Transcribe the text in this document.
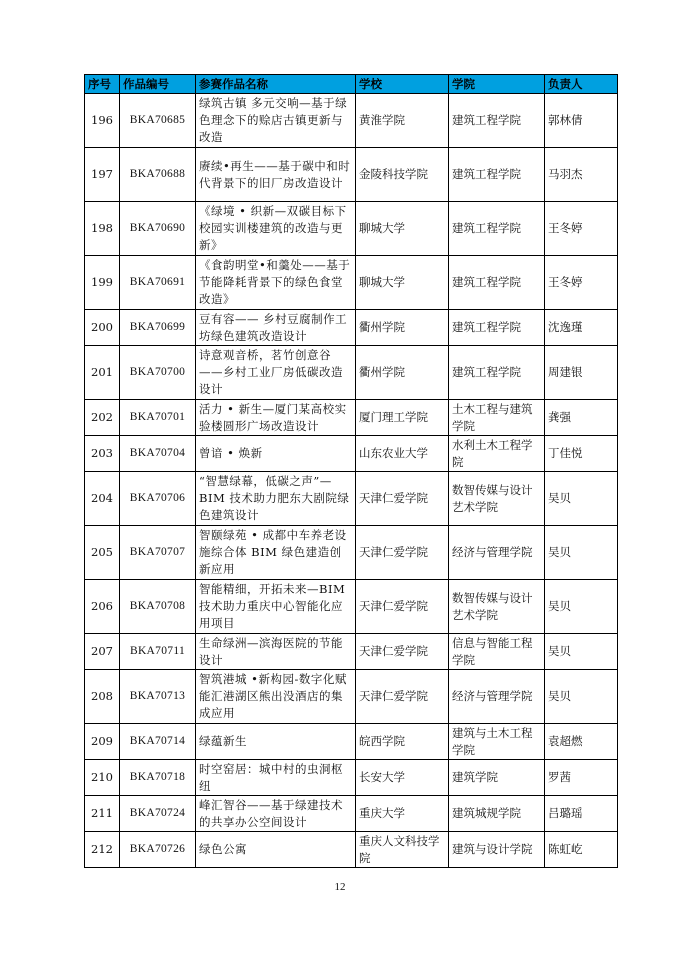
序号	作品编号	参赛作品名称	学校	学院	负责人
196	BKA70685	绿筑古镇 多元交响—基于绿色理念下的赊店古镇更新与改造	黄淮学院	建筑工程学院	郭林倩
197	BKA70688	赓续•再生——基于碳中和时代背景下的旧厂房改造设计	金陵科技学院	建筑工程学院	马羽杰
198	BKA70690	《绿境 • 织新—双碳目标下校园实训楼建筑的改造与更新》	聊城大学	建筑工程学院	王冬婷
199	BKA70691	《食韵明堂•和羹处——基于节能降耗背景下的绿色食堂改造》	聊城大学	建筑工程学院	王冬婷
200	BKA70699	豆有容—— 乡村豆腐制作工坊绿色建筑改造设计	衢州学院	建筑工程学院	沈逸瑾
201	BKA70700	诗意观音桥，茗竹创意谷——乡村工业厂房低碳改造设计	衢州学院	建筑工程学院	周建银
202	BKA70701	活力 • 新生—厦门某高校实验楼圆形广场改造设计	厦门理工学院	土木工程与建筑学院	龚强
203	BKA70704	曾谙 • 焕新	山东农业大学	水利土木工程学院	丁佳悦
204	BKA70706	“智慧绿幕，低碳之声”—BIM 技术助力肥东大剧院绿色建筑设计	天津仁爱学院	数智传媒与设计艺术学院	吴贝
205	BKA70707	智颐绿苑 • 成都中车养老设施综合体 BIM 绿色建造创新应用	天津仁爱学院	经济与管理学院	吴贝
206	BKA70708	智能精细，开拓未来—BIM 技术助力重庆中心智能化应用项目	天津仁爱学院	数智传媒与设计艺术学院	吴贝
207	BKA70711	生命绿洲—滨海医院的节能设计	天津仁爱学院	信息与智能工程学院	吴贝
208	BKA70713	智筑港城 •新构园-数字化赋能汇港湖区熊出没酒店的集成应用	天津仁爱学院	经济与管理学院	吴贝
209	BKA70714	绿蕴新生	皖西学院	建筑与土木工程学院	袁超燃
210	BKA70718	时空窑居：城中村的虫洞枢纽	长安大学	建筑学院	罗茜
211	BKA70724	峰汇智谷——基于绿建技术的共享办公空间设计	重庆大学	建筑城规学院	吕璐瑶
212	BKA70726	绿色公寓	重庆人文科技学院	建筑与设计学院	陈虹屹
12
